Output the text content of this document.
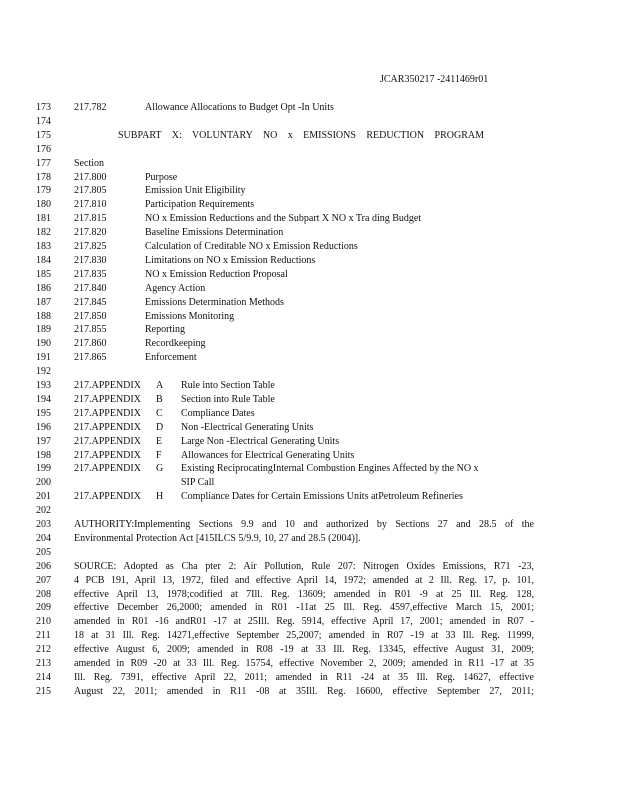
JCAR350217 -2411469r01
173 217.782	Allowance Allocations to Budget Opt -In Units
174
175	SUBPART X: VOLUNTARY NO x EMISSIONS REDUCTION PROGRAM
176
177 Section
178 217.800	Purpose
179 217.805	Emission Unit Eligibility
180 217.810	Participation Requirements
181 217.815	NO x Emission Reductions and the Subpart X NO x Tra ding Budget
182 217.820	Baseline Emissions Determination
183 217.825	Calculation of Creditable NO x Emission Reductions
184 217.830	Limitations on NO x Emission Reductions
185 217.835	NO x Emission Reduction Proposal
186 217.840	Agency Action
187 217.845	Emissions Determination Methods
188 217.850	Emissions Monitoring
189 217.855	Reporting
190 217.860	Recordkeeping
191 217.865	Enforcement
192
193 217.APPENDIX A Rule into Section Table
194 217.APPENDIX B Section into Rule Table
195 217.APPENDIX C Compliance Dates
196 217.APPENDIX D Non -Electrical Generating Units
197 217.APPENDIX E Large Non -Electrical Generating Units
198 217.APPENDIX F Allowances for Electrical Generating Units
199 217.APPENDIX G Existing ReciprocatingInternal Combustion Engines Affected by the NO x
200	SIP Call
201 217.APPENDIX H Compliance Dates for Certain Emissions Units atPetroleum Refineries
202
203 AUTHORITY:Implementing Sections 9.9 and 10 and authorized by Sections 27 and 28.5 of the
204 Environmental Protection Act [415ILCS 5/9.9, 10, 27 and 28.5 (2004)].
205
206 SOURCE: Adopted as Cha pter 2: Air Pollution, Rule 207: Nitrogen Oxides Emissions, R71 -23,
207 4 PCB 191, April 13, 1972, filed and effective April 14, 1972; amended at 2 Ill. Reg. 17, p. 101,
208 effective April 13, 1978;codified at 7Ill. Reg. 13609; amended in R01 -9 at 25 Ill. Reg. 128,
209 effective December 26,2000; amended in R01 -11at 25 Ill. Reg. 4597,effective March 15, 2001;
210 amended in R01 -16 andR01 -17 at 25Ill. Reg. 5914, effective April 17, 2001; amended in R07 -
211 18 at 31 Ill. Reg. 14271,effective September 25,2007; amended in R07 -19 at 33 Ill. Reg. 11999,
212 effective August 6, 2009; amended in R08 -19 at 33 Ill. Reg. 13345, effective August 31, 2009;
213 amended in R09 -20 at 33 Ill. Reg. 15754, effective November 2, 2009; amended in R11 -17 at 35
214 Ill. Reg. 7391, effective April 22, 2011; amended in R11 -24 at 35 Ill. Reg. 14627, effective
215 August 22, 2011; amended in R11 -08 at 35Ill. Reg. 16600, effective September 27, 2011;
